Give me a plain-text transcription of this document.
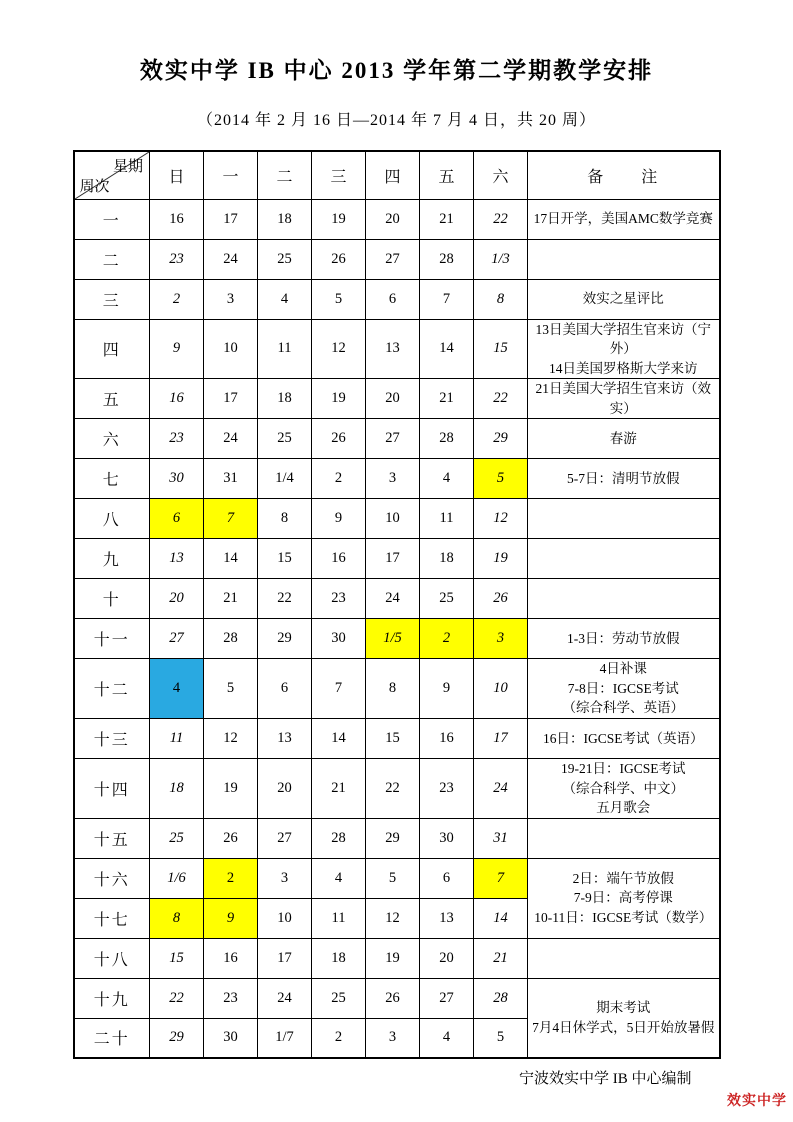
效实中学 IB 中心 2013 学年第二学期教学安排
（2014 年 2 月 16 日—2014 年 7 月 4 日，共 20 周）
星期
周次	日	一	二	三	四	五	六	备　　注
一	16	17	18	19	20	21	22	17日开学，美国AMC数学竞赛

二	23	24	25	26	27	28	1/3	
三	2	3	4	5	6	7	8	效实之星评比

四	9	10	11	12	13	14	15	13日美国大学招生官来访（宁外）
14日美国罗格斯大学来访

五	16	17	18	19	20	21	22	21日美国大学招生官来访（效实）

六	23	24	25	26	27	28	29	春游

七	30	31	1/4	2	3	4	5	5-7日：清明节放假

八	6	7	8	9	10	11	12	
九	13	14	15	16	17	18	19	
十	20	21	22	23	24	25	26	
十一	27	28	29	30	1/5	2	3	1-3日：劳动节放假

十二	4	5	6	7	8	9	10	4日补课
7-8日：IGCSE考试
（综合科学、英语）

十三	11	12	13	14	15	16	17	16日：IGCSE考试（英语）

十四	18	19	20	21	22	23	24	19-21日：IGCSE考试
（综合科学、中文）
五月歌会

十五	25	26	27	28	29	30	31	
十六	1/6	2	3	4	5	6	7	2日：端午节放假
7-9日：高考停课
10-11日：IGCSE考试（数学）

十七	8	9	10	11	12	13	14	
十八	15	16	17	18	19	20	21	
十九	22	23	24	25	26	27	28	期末考试
7月4日休学式，5日开始放暑假

二十	29	30	1/7	2	3	4	5	
宁波效实中学 IB 中心编制
效实中学
